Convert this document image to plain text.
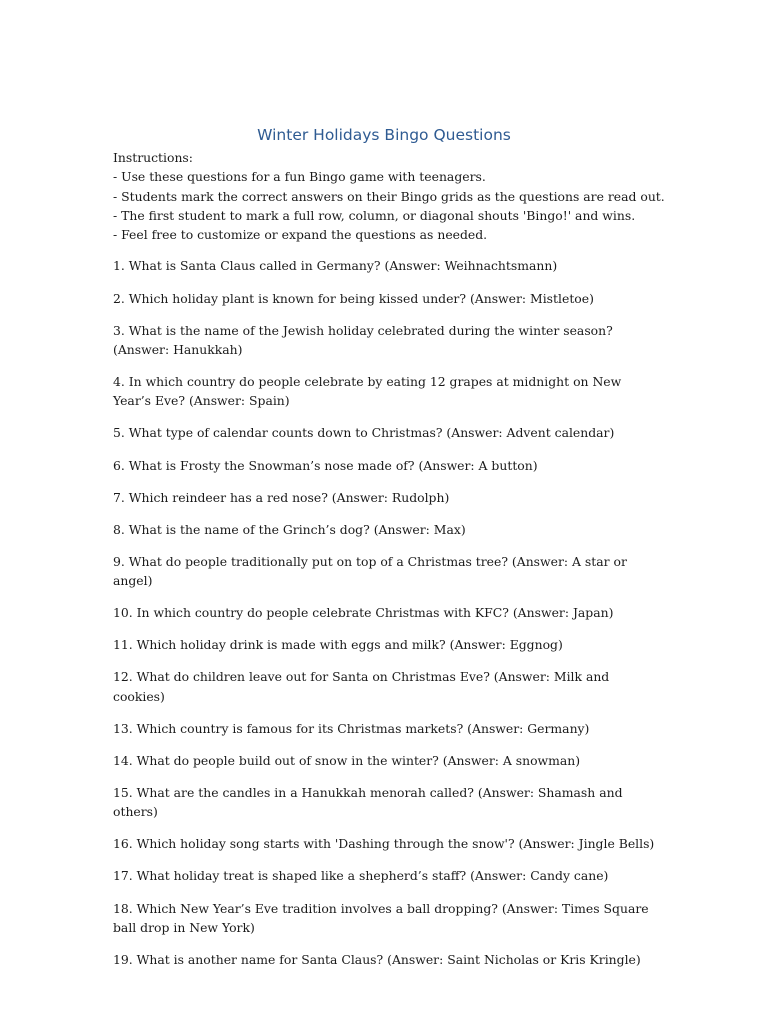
Winter Holidays Bingo Questions
Instructions:
- Use these questions for a fun Bingo game with teenagers.
- Students mark the correct answers on their Bingo grids as the questions are read out.
- The first student to mark a full row, column, or diagonal shouts 'Bingo!' and wins.
- Feel free to customize or expand the questions as needed.
1. What is Santa Claus called in Germany? (Answer: Weihnachtsmann)
2. Which holiday plant is known for being kissed under? (Answer: Mistletoe)
3. What is the name of the Jewish holiday celebrated during the winter season? (Answer: Hanukkah)
4. In which country do people celebrate by eating 12 grapes at midnight on New Year’s Eve? (Answer: Spain)
5. What type of calendar counts down to Christmas? (Answer: Advent calendar)
6. What is Frosty the Snowman’s nose made of? (Answer: A button)
7. Which reindeer has a red nose? (Answer: Rudolph)
8. What is the name of the Grinch’s dog? (Answer: Max)
9. What do people traditionally put on top of a Christmas tree? (Answer: A star or angel)
10. In which country do people celebrate Christmas with KFC? (Answer: Japan)
11. Which holiday drink is made with eggs and milk? (Answer: Eggnog)
12. What do children leave out for Santa on Christmas Eve? (Answer: Milk and cookies)
13. Which country is famous for its Christmas markets? (Answer: Germany)
14. What do people build out of snow in the winter? (Answer: A snowman)
15. What are the candles in a Hanukkah menorah called? (Answer: Shamash and others)
16. Which holiday song starts with 'Dashing through the snow'? (Answer: Jingle Bells)
17. What holiday treat is shaped like a shepherd’s staff? (Answer: Candy cane)
18. Which New Year’s Eve tradition involves a ball dropping? (Answer: Times Square ball drop in New York)
19. What is another name for Santa Claus? (Answer: Saint Nicholas or Kris Kringle)
